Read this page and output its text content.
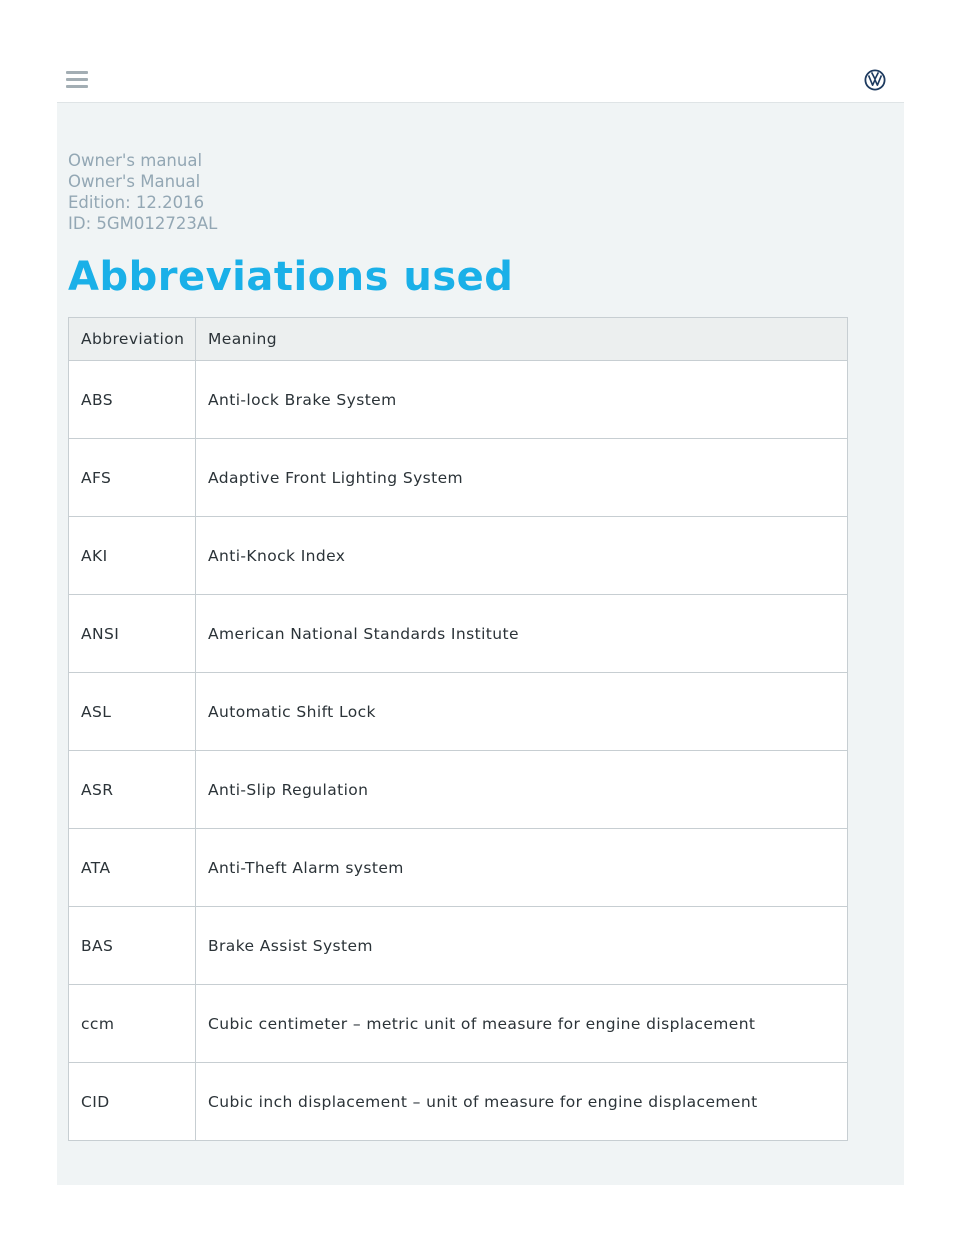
Owner's manual
Owner's Manual
Edition: 12.2016
ID: 5GM012723AL
Abbreviations used
Abbreviation	Meaning
ABS	Anti-lock Brake System
AFS	Adaptive Front Lighting System
AKI	Anti-Knock Index
ANSI	American National Standards Institute
ASL	Automatic Shift Lock
ASR	Anti-Slip Regulation
ATA	Anti-Theft Alarm system
BAS	Brake Assist System
ccm	Cubic centimeter – metric unit of measure for engine displacement
CID	Cubic inch displacement – unit of measure for engine displacement
